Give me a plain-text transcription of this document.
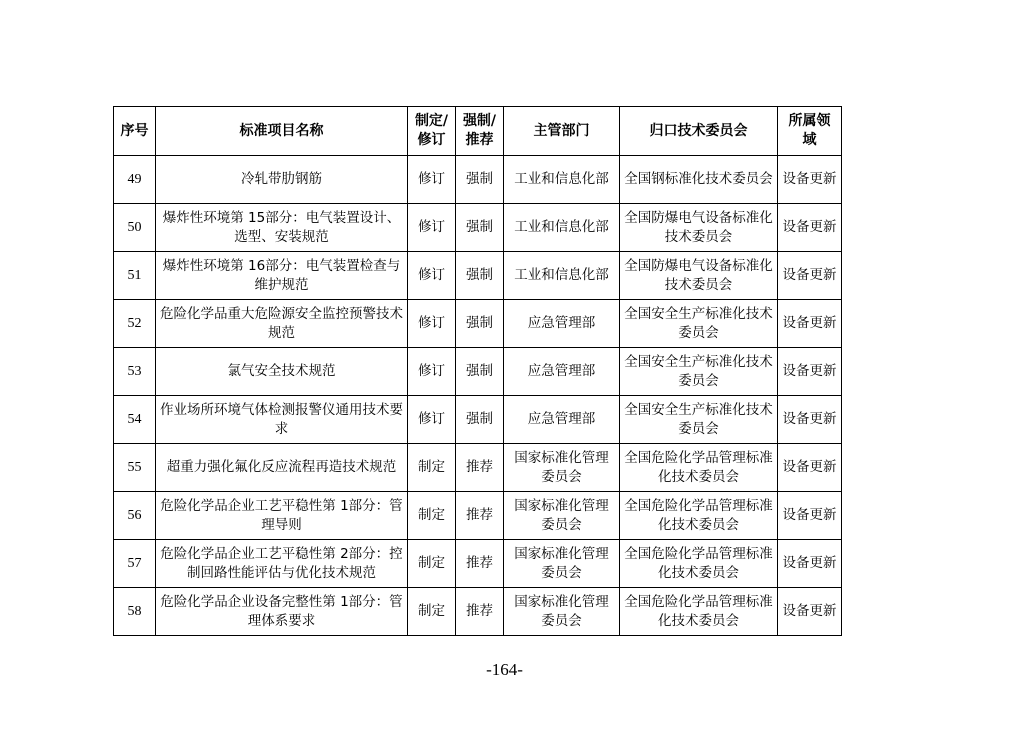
序号	标准项目名称	制定/修订	强制/推荐	主管部门	归口技术委员会	所属领域
49	冷轧带肋钢筋	修订	强制	工业和信息化部	全国钢标准化技术委员会	设备更新
50	爆炸性环境第 15部分：电气装置设计、选型、安装规范	修订	强制	工业和信息化部	全国防爆电气设备标准化技术委员会	设备更新
51	爆炸性环境第 16部分：电气装置检查与维护规范	修订	强制	工业和信息化部	全国防爆电气设备标准化技术委员会	设备更新
52	危险化学品重大危险源安全监控预警技术规范	修订	强制	应急管理部	全国安全生产标准化技术委员会	设备更新
53	氯气安全技术规范	修订	强制	应急管理部	全国安全生产标准化技术委员会	设备更新
54	作业场所环境气体检测报警仪通用技术要求	修订	强制	应急管理部	全国安全生产标准化技术委员会	设备更新
55	超重力强化氟化反应流程再造技术规范	制定	推荐	国家标准化管理委员会	全国危险化学品管理标准化技术委员会	设备更新
56	危险化学品企业工艺平稳性第 1部分：管理导则	制定	推荐	国家标准化管理委员会	全国危险化学品管理标准化技术委员会	设备更新
57	危险化学品企业工艺平稳性第 2部分：控制回路性能评估与优化技术规范	制定	推荐	国家标准化管理委员会	全国危险化学品管理标准化技术委员会	设备更新
58	危险化学品企业设备完整性第 1部分：管理体系要求	制定	推荐	国家标准化管理委员会	全国危险化学品管理标准化技术委员会	设备更新
-164-
